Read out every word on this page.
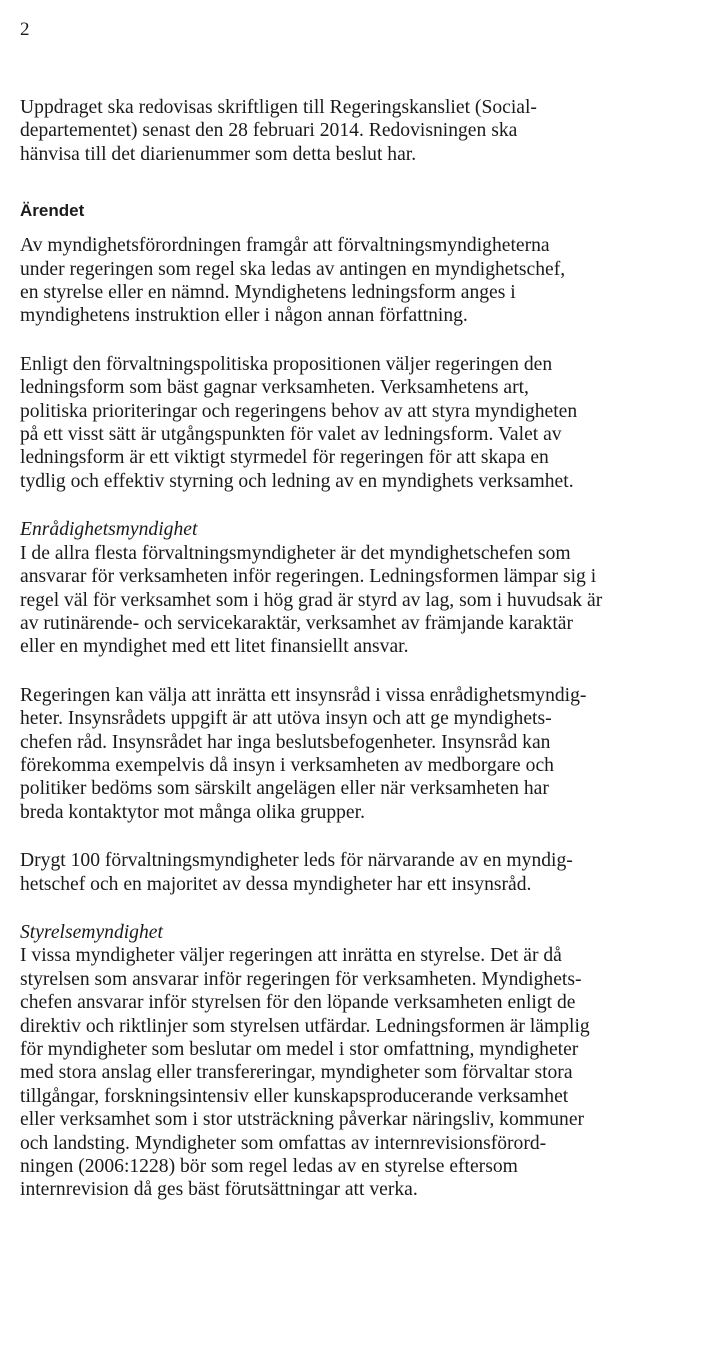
2

Uppdraget ska redovisas skriftligen till Regeringskansliet (Social-
departementet) senast den 28 februari 2014. Redovisningen ska
hänvisa till det diarienummer som detta beslut har.

Ärendet

Av myndighetsförordningen framgår att förvaltningsmyndigheterna
under regeringen som regel ska ledas av antingen en myndighetschef,
en styrelse eller en nämnd. Myndighetens ledningsform anges i
myndighetens instruktion eller i någon annan författning.

Enligt den förvaltningspolitiska propositionen väljer regeringen den
ledningsform som bäst gagnar verksamheten. Verksamhetens art,
politiska prioriteringar och regeringens behov av att styra myndigheten
på ett visst sätt är utgångspunkten för valet av ledningsform. Valet av
ledningsform är ett viktigt styrmedel för regeringen för att skapa en
tydlig och effektiv styrning och ledning av en myndighets verksamhet.

Enrådighetsmyndighet

I de allra flesta förvaltningsmyndigheter är det myndighetschefen som
ansvarar för verksamheten inför regeringen. Ledningsformen lämpar sig i
regel väl för verksamhet som i hög grad är styrd av lag, som i huvudsak är
av rutinärende- och servicekaraktär, verksamhet av främjande karaktär
eller en myndighet med ett litet finansiellt ansvar.

Regeringen kan välja att inrätta ett insynsråd i vissa enrådighetsmyndig-
heter. Insynsrådets uppgift är att utöva insyn och att ge myndighets-
chefen råd. Insynsrådet har inga beslutsbefogenheter. Insynsråd kan
förekomma exempelvis då insyn i verksamheten av medborgare och
politiker bedöms som särskilt angelägen eller när verksamheten har
breda kontaktytor mot många olika grupper.

Drygt 100 förvaltningsmyndigheter leds för närvarande av en myndig-
hetschef och en majoritet av dessa myndigheter har ett insynsråd.

Styrelsemyndighet

I vissa myndigheter väljer regeringen att inrätta en styrelse. Det är då
styrelsen som ansvarar inför regeringen för verksamheten. Myndighets-
chefen ansvarar inför styrelsen för den löpande verksamheten enligt de
direktiv och riktlinjer som styrelsen utfärdar. Ledningsformen är lämplig
för myndigheter som beslutar om medel i stor omfattning, myndigheter
med stora anslag eller transfereringar, myndigheter som förvaltar stora
tillgångar, forskningsintensiv eller kunskapsproducerande verksamhet
eller verksamhet som i stor utsträckning påverkar näringsliv, kommuner
och landsting. Myndigheter som omfattas av internrevisionsförord-
ningen (2006:1228) bör som regel ledas av en styrelse eftersom
internrevision då ges bäst förutsättningar att verka.
